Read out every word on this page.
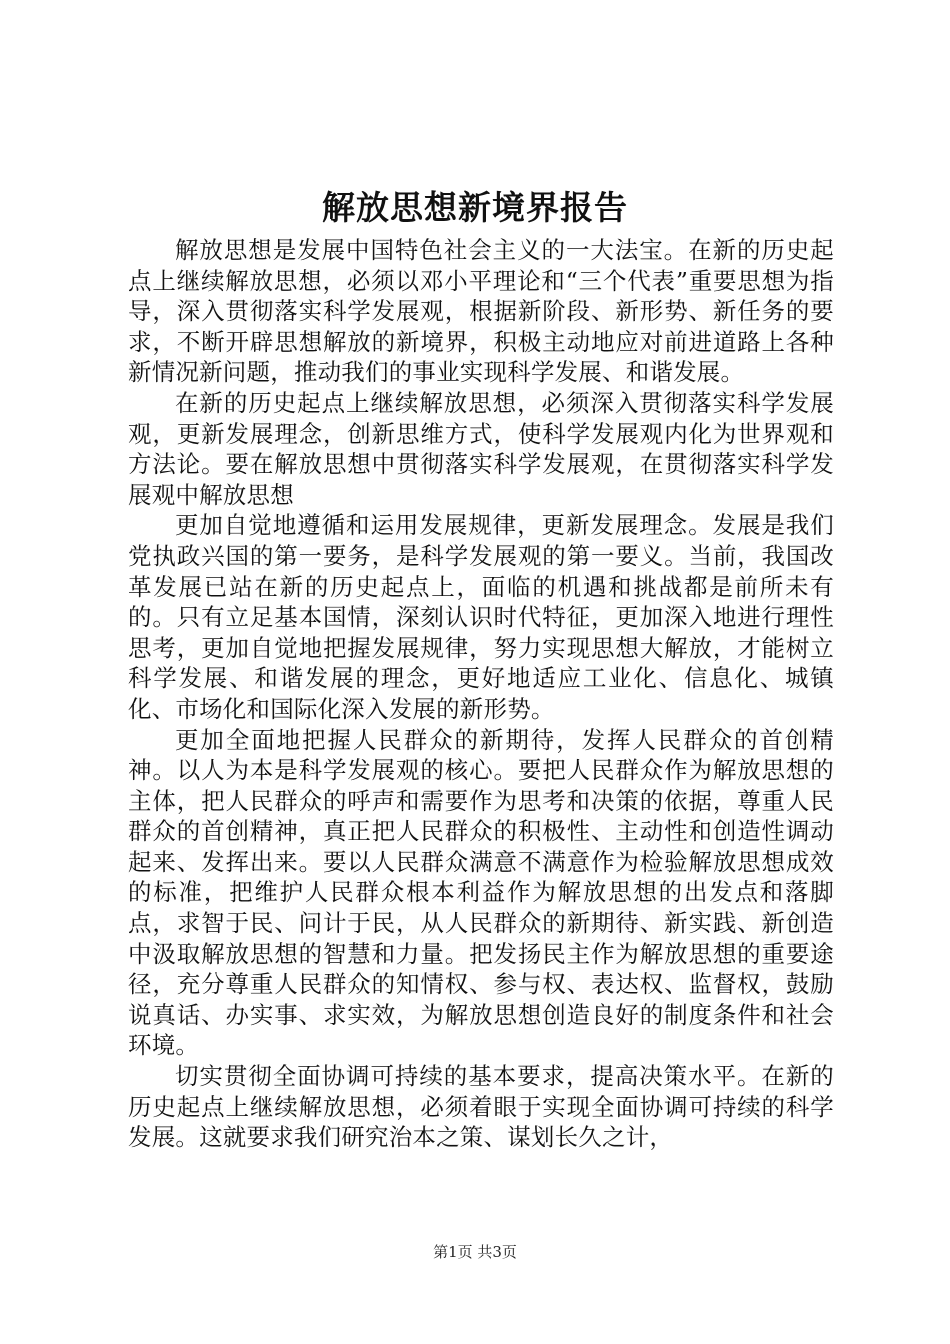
解放思想新境界报告

解放思想是发展中国特色社会主义的一大法宝。在新的历史起点上继续解放思想，必须以邓小平理论和“三个代表”重要思想为指导，深入贯彻落实科学发展观，根据新阶段、新形势、新任务的要求，不断开辟思想解放的新境界，积极主动地应对前进道路上各种新情况新问题，推动我们的事业实现科学发展、和谐发展。

在新的历史起点上继续解放思想，必须深入贯彻落实科学发展观，更新发展理念，创新思维方式，使科学发展观内化为世界观和方法论。要在解放思想中贯彻落实科学发展观，在贯彻落实科学发展观中解放思想

更加自觉地遵循和运用发展规律，更新发展理念。发展是我们党执政兴国的第一要务，是科学发展观的第一要义。当前，我国改革发展已站在新的历史起点上，面临的机遇和挑战都是前所未有的。只有立足基本国情，深刻认识时代特征，更加深入地进行理性思考，更加自觉地把握发展规律，努力实现思想大解放，才能树立科学发展、和谐发展的理念，更好地适应工业化、信息化、城镇化、市场化和国际化深入发展的新形势。

更加全面地把握人民群众的新期待，发挥人民群众的首创精神。以人为本是科学发展观的核心。要把人民群众作为解放思想的主体，把人民群众的呼声和需要作为思考和决策的依据，尊重人民群众的首创精神，真正把人民群众的积极性、主动性和创造性调动起来、发挥出来。要以人民群众满意不满意作为检验解放思想成效的标准，把维护人民群众根本利益作为解放思想的出发点和落脚点，求智于民、问计于民，从人民群众的新期待、新实践、新创造中汲取解放思想的智慧和力量。把发扬民主作为解放思想的重要途径，充分尊重人民群众的知情权、参与权、表达权、监督权，鼓励说真话、办实事、求实效，为解放思想创造良好的制度条件和社会环境。

切实贯彻全面协调可持续的基本要求，提高决策水平。在新的历史起点上继续解放思想，必须着眼于实现全面协调可持续的科学发展。这就要求我们研究治本之策、谋划长久之计，

第1页 共3页
